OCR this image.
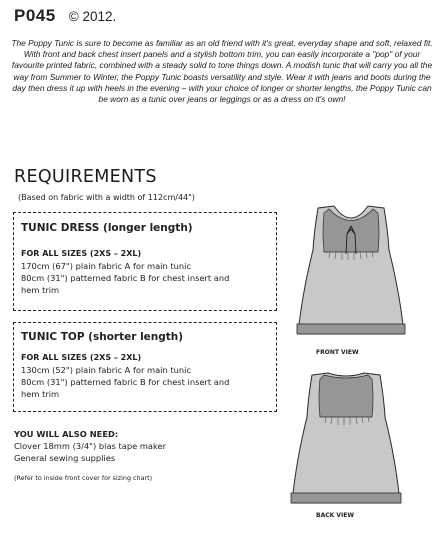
P045 © 2012.

The Poppy Tunic is sure to become as familiar as an old friend with it's great, everyday shape and soft, relaxed fit. With front and back chest insert panels and a stylish bottom trim, you can easily incorporate a "pop" of your favourite printed fabric, combined with a steady solid to tone things down. A modish tunic that will carry you all the way from Summer to Winter, the Poppy Tunic boasts versatility and style. Wear it with jeans and boots during the day then dress it up with heels in the evening – with your choice of longer or shorter lengths, the Poppy Tunic can be worn as a tunic over jeans or leggings or as a dress on it's own!

REQUIREMENTS
(Based on fabric with a width of 112cm/44")
TUNIC DRESS (longer length)
FOR ALL SIZES (2XS – 2XL)
170cm (67") plain fabric A for main tunic
80cm (31") patterned fabric B for chest insert and
hem trim
TUNIC TOP (shorter length)
FOR ALL SIZES (2XS – 2XL)
130cm (52") plain fabric A for main tunic
80cm (31") patterned fabric B for chest insert and
hem trim
YOU WILL ALSO NEED:
Clover 18mm (3/4") bias tape maker
General sewing supplies
(Refer to inside front cover for sizing chart)
FRONT VIEW
BACK VIEW
